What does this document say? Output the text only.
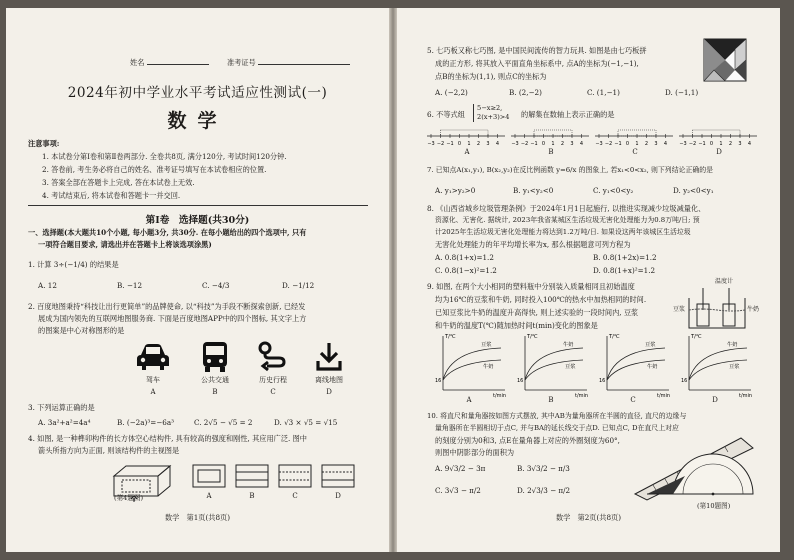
姓名	准考证号
2024年初中学业水平考试适应性测试(一)
数学
注意事项:
1. 本试卷分第Ⅰ卷和第Ⅱ卷两部分. 全卷共8页, 满分120分, 考试时间120分钟.
2. 答卷前, 考生务必将自己的姓名、准考证号填写在本试卷相应的位置.
3. 答案全部在答题卡上完成, 答在本试卷上无效.
4. 考试结束后, 将本试卷和答题卡一并交回.
第Ⅰ卷　选择题(共30分)
一、选择题(本大题共10个小题, 每小题3分, 共30分. 在每小题给出的四个选项中, 只有
一项符合题目要求, 请选出并在答题卡上将该选项涂黑)
1. 计算 3÷(−1/4) 的结果是
A. 12	B. −12	C. −4/3	D. −1/12
2. 百度地图秉持“科技让出行更简单”的品牌使命, 以“科技”为手段不断探索创新, 已经发
展成为国内领先的互联网地图服务商. 下面是百度地图APP中的四个图标, 其文字上方
的图案是中心对称图形的是
驾车	公共交通	历史行程	离线地图
A	B	C	D
3. 下列运算正确的是
A. 3a²+a²=4a⁴	B. (−2a)³=−6a³	C. 2√5 − √5 = 2	D. √3 × √5 = √15
4. 如图, 是一种榫卯构件的长方体空心结构件, 具有较高的强度和刚性, 其应用广泛. 图中
箭头所指方向为正面, 则该结构件的主视图是
(第4题图)	A	B	C	D
数学　第1页(共8页)
5. 七巧板又称七巧图, 是中国民间流传的智力玩具. 如图是由七巧板拼
成的正方形, 将其放入平面直角坐标系中, 点A的坐标为(−1,−1),
点B的坐标为(1,1), 则点C的坐标为
A. (−2,2)	B. (2,−2)	C. (1,−1)	D. (−1,1)
6. 不等式组
5−x≥2,
2(x+3)>4 的解集在数轴上表示正确的是
−3 −2 −1 0 1 2 3 4 −3 −2 −1 0 1 2 3 4 −3 −2 −1 0 1 2 3 4 −3 −2 −1 0 1 2 3 4
A	B	C	D
7. 已知点A(x₁,y₁), B(x₂,y₂)在反比例函数 y=6/x 的图象上, 若x₁<0<x₂, 则下列结论正确的是
A. y₁>y₂>0	B. y₁<y₂<0	C. y₁<0<y₂	D. y₂<0<y₁
8. 《山西省城乡垃圾管理条例》于2024年1月1日起施行, 以推进实现减少垃圾减量化、
资源化、无害化. 据统计, 2023年我省某城区生活垃圾无害化处理能力为0.8万吨/日; 预
计2025年生活垃圾无害化处理能力将达到1.2万吨/日. 如果设这两年该城区生活垃圾
无害化处理能力的年平均增长率为x, 那么根据题意可列方程为
A. 0.8(1+x)=1.2	B. 0.8(1+2x)=1.2
C. 0.8(1−x)²=1.2	D. 0.8(1+x)²=1.2
9. 如图, 在两个大小相同的塑料瓶中分别装入质量相同且初始温度
均为16℃的豆浆和牛奶, 同时投入100℃的热水中加热相同的时间.
已知豆浆比牛奶的温度升高得快, 则上述实验的一段时间内, 豆浆
和牛奶的温度T(℃)随加热时间t(min)变化的图象是
温度计
豆浆	牛奶
T/℃
t/min
16
豆浆
牛奶
T/℃
t/min
16
牛奶
豆浆
T/℃
t/min
16
豆浆
牛奶
T/℃
t/min
16
牛奶
豆浆
A	B	C	D
10. 将直尺和量角器按如图方式摆放, 其中AB为量角器所在半圆的直径, 直尺的边缘与
量角器所在半圆相切于点C, 并与BA的延长线交于点D. 已知点C, D在直尺上对应
的刻度分别为0和3, 点E在量角器上对应的外圈刻度为60°,
则图中阴影部分的面积为
A. 9√3/2 − 3π	B. 3√3/2 − π/3
C. 3√3 − π/2	D. 2√3/3 − π/2
(第10题图)
数学　第2页(共8页)
